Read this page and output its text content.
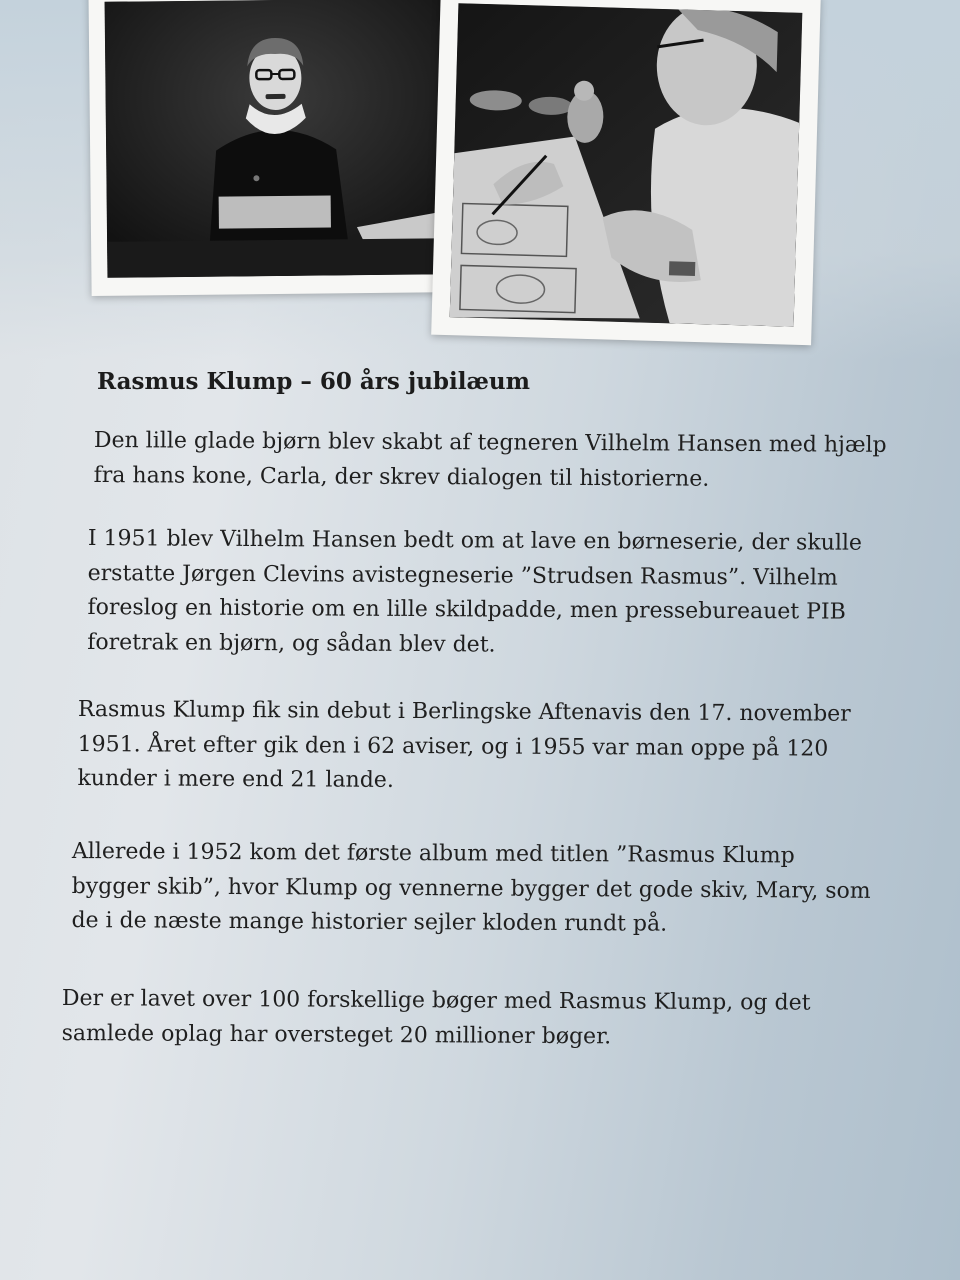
Rasmus Klump – 60 års jubilæum

Den lille glade bjørn blev skabt af tegneren Vilhelm Hansen med hjælp
fra hans kone, Carla, der skrev dialogen til historierne.

I 1951 blev Vilhelm Hansen bedt om at lave en børneserie, der skulle
erstatte Jørgen Clevins avistegneserie ”Strudsen Rasmus”. Vilhelm
foreslog en historie om en lille skildpadde, men pressebureauet PIB
foretrak en bjørn, og sådan blev det.

Rasmus Klump fik sin debut i Berlingske Aftenavis den 17. november
1951. Året efter gik den i 62 aviser, og i 1955 var man oppe på 120
kunder i mere end 21 lande.

Allerede i 1952 kom det første album med titlen ”Rasmus Klump
bygger skib”, hvor Klump og vennerne bygger det gode skiv, Mary, som
de i de næste mange historier sejler kloden rundt på.

Der er lavet over 100 forskellige bøger med Rasmus Klump, og det
samlede oplag har oversteget 20 millioner bøger.
